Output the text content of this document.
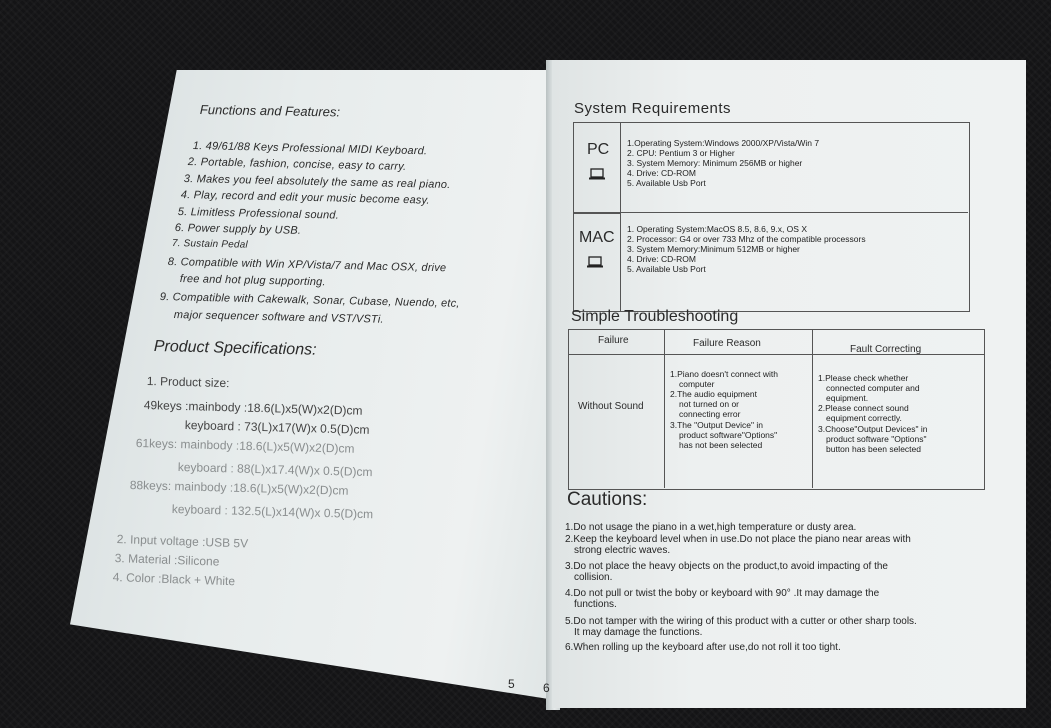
Functions and Features:
1. 49/61/88 Keys Professional MIDI Keyboard.
2. Portable, fashion, concise, easy to carry.
3. Makes you feel absolutely the same as real piano.
4. Play, record and edit your music become easy.
5. Limitless Professional sound.
6. Power supply by USB.
7. Sustain Pedal
8. Compatible with Win XP/Vista/7 and Mac OSX, drive
free and hot plug supporting.
9. Compatible with Cakewalk, Sonar, Cubase, Nuendo, etc,
major sequencer software and VST/VSTi.
Product Specifications:
1. Product size:
49keys :mainbody :18.6(L)x5(W)x2(D)cm
keyboard : 73(L)x17(W)x 0.5(D)cm
61keys: mainbody :18.6(L)x5(W)x2(D)cm
keyboard : 88(L)x17.4(W)x 0.5(D)cm
88keys: mainbody :18.6(L)x5(W)x2(D)cm
keyboard : 132.5(L)x14(W)x 0.5(D)cm
2. Input voltage :USB 5V
3. Material :Silicone
4. Color :Black + White
5
System Requirements
PC 1.Operating System:Windows 2000/XP/Vista/Win 7
2. CPU: Pentium 3 or Higher
3. System Memory: Minimum 256MB or higher
4. Drive: CD-ROM
5. Available Usb Port
MAC 1. Operating System:MacOS 8.5, 8.6, 9.x, OS X
2. Processor: G4 or over 733 Mhz of the compatible processors
3. System Memory:Minimum 512MB or higher
4. Drive: CD-ROM
5. Available Usb Port
Simple Troubleshooting
Failure	Failure Reason
Fault Correcting
Without Sound
1.Piano doesn't connect with
computer
2.The audio equipment
not turned on or
connecting error
3.The "Output Device" in
product software"Options"
has not been selected
1.Please check whether
connected computer and
equipment.
2.Please connect sound
equipment correctly.
3.Choose"Output Devices" in
product software "Options"
button has been selected
Cautions:
1.Do not usage the piano in a wet,high temperature or dusty area.
2.Keep the keyboard level when in use.Do not place the piano near areas with
strong electric waves.
3.Do not place the heavy objects on the product,to avoid impacting of the
collision.
4.Do not pull or twist the boby or keyboard with 90° .It may damage the
functions.
5.Do not tamper with the wiring of this product with a cutter or other sharp tools.
It may damage the functions.
6.When rolling up the keyboard after use,do not roll it too tight.
6
